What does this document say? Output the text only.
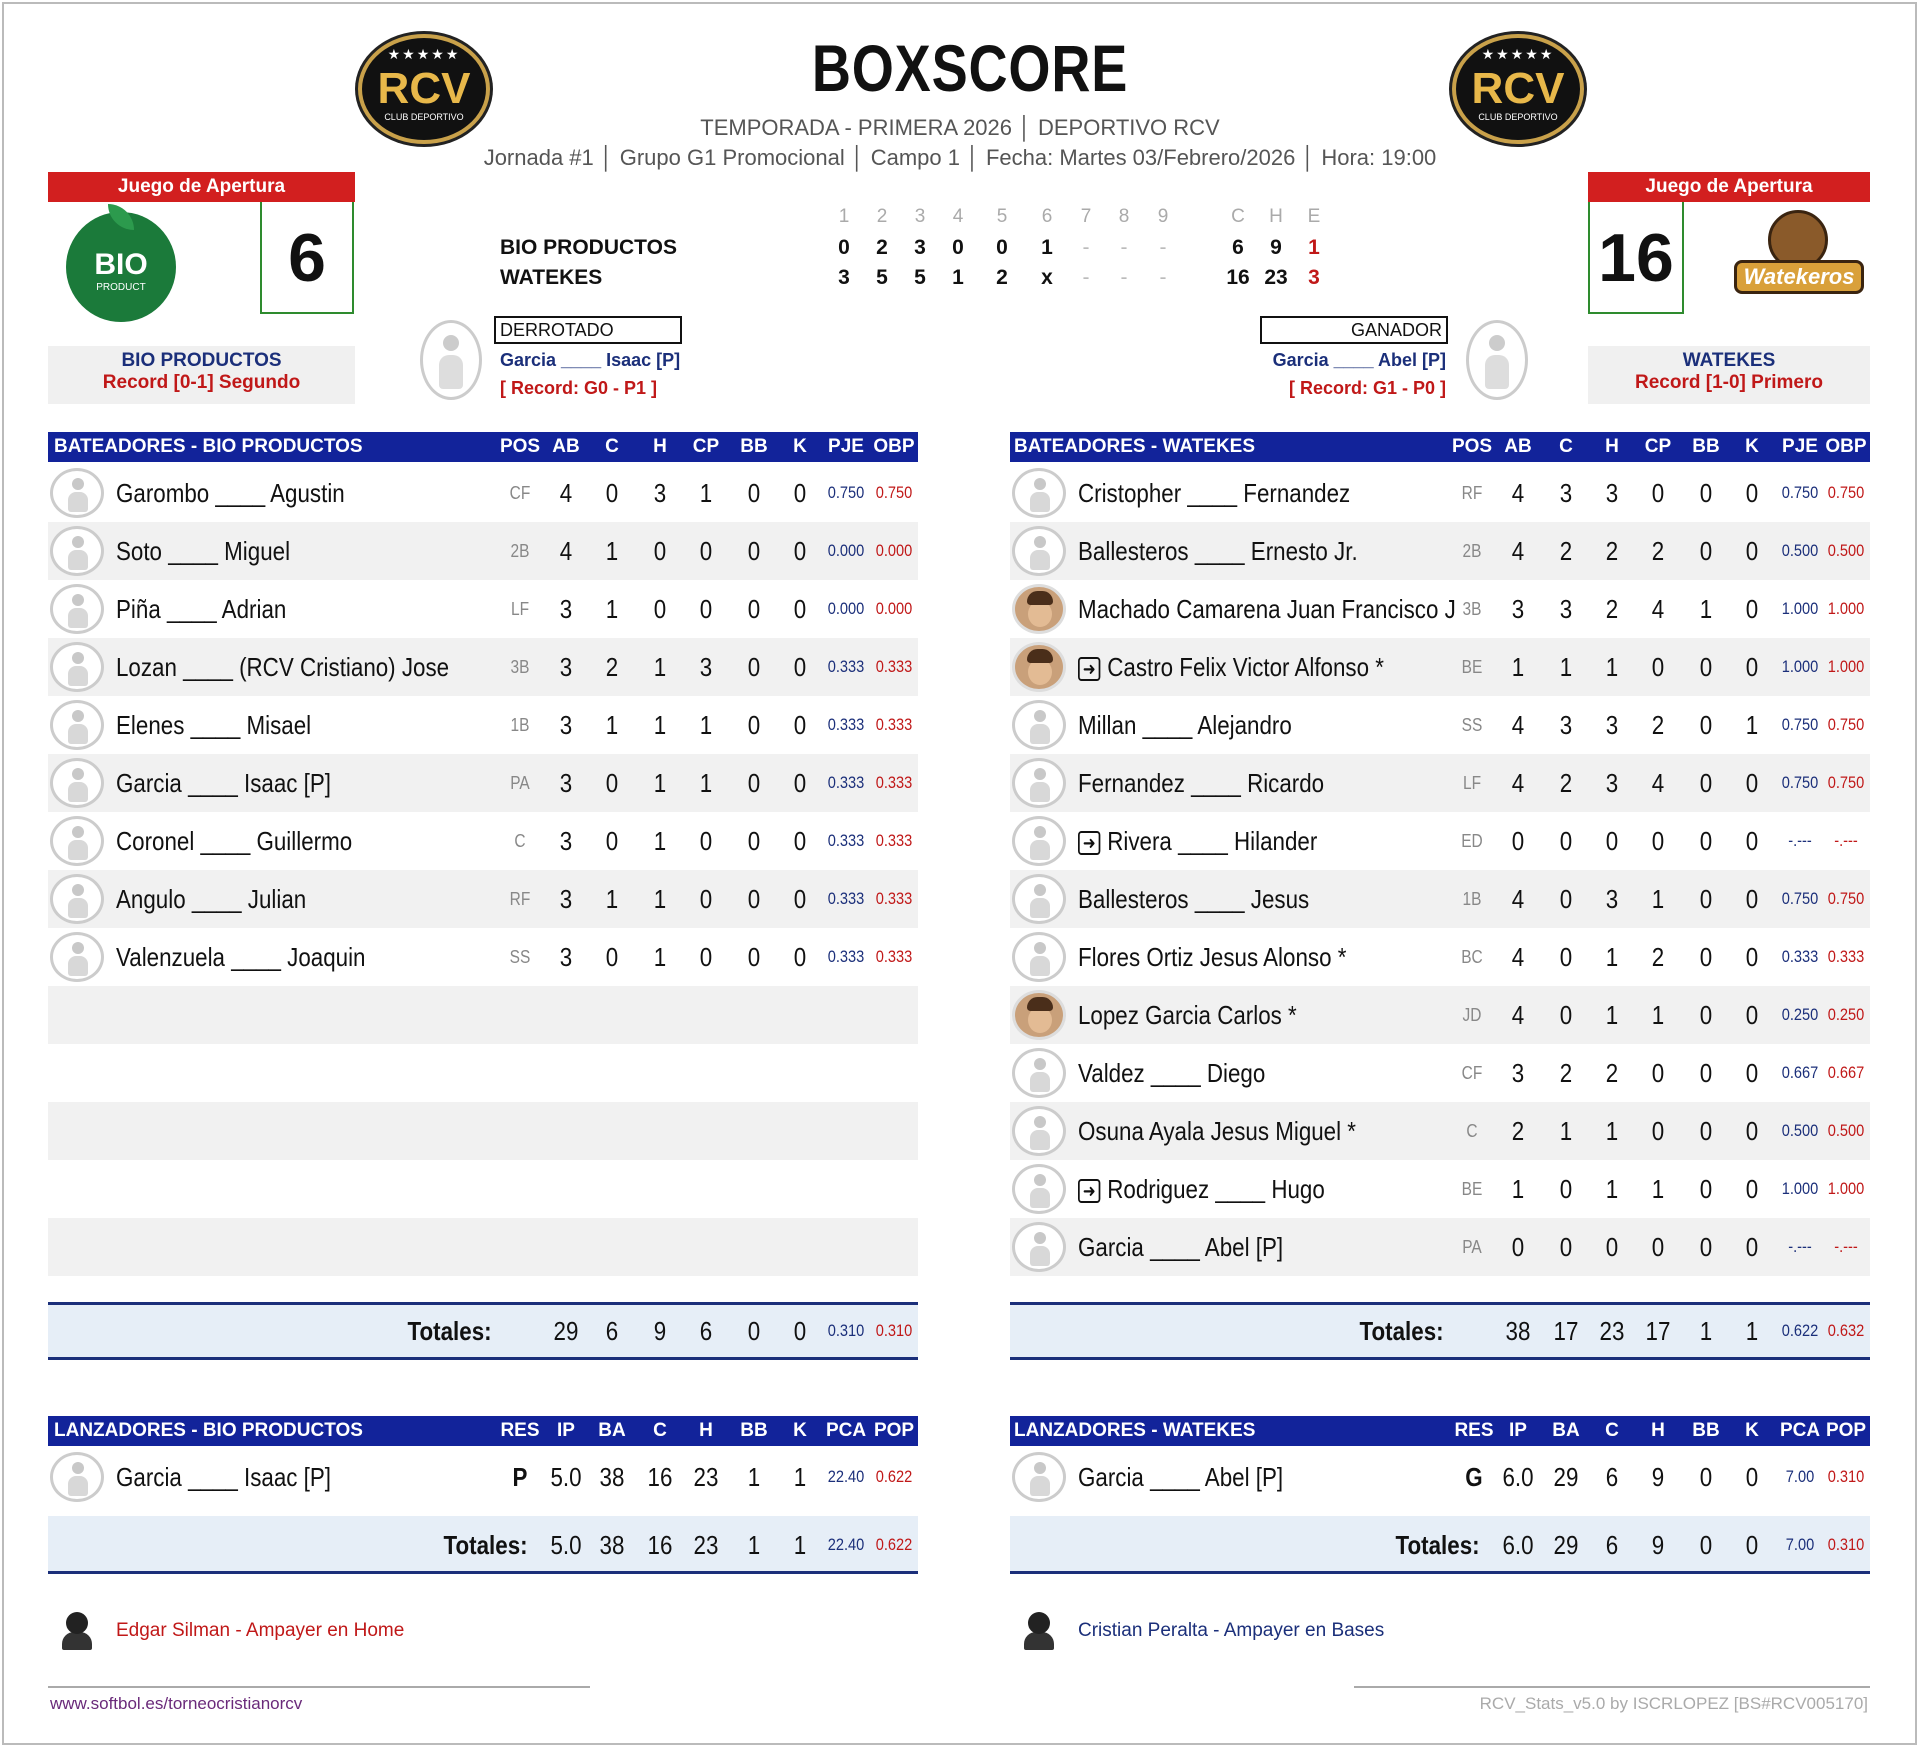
★★★★★
RCV
CLUB DEPORTIVO
★★★★★
RCV
CLUB DEPORTIVO
BOXSCORE
TEMPORADA - PRIMERA 2026 │ DEPORTIVO RCV
Jornada #1 │ Grupo G1 Promocional │ Campo 1 │ Fecha: Martes 03/Febrero/2026 │ Hora: 19:00
Juego de Apertura
BIO
PRODUCT	6
BIO PRODUCTOS
Record [0-1] Segundo
Juego de Apertura
16	Watekeros
WATEKES
Record [1-0] Primero
BIO PRODUCTOS
WATEKES
1 2 3 4 5 6 7 8 9	C	H	E
0 2 3 0 0 1	-	-	-	6	9	1
3 5 5 1 2 x	-	-	-	16 23 3
DERROTADO
Garcia ____ Isaac [P]
[ Record: G0 - P1 ]
GANADOR
Garcia ____ Abel [P]
[ Record: G1 - P0 ]
BATEADORES - BIO PRODUCTOS	POS AB	C	H	CP	BB	K	PJE OBP
Garombo ____ Agustin	CF	4	0	3	1	0	0	0.750 0.750
Soto ____ Miguel	2B	4	1	0	0	0	0	0.000 0.000
Piña ____ Adrian	LF	3	1	0	0	0	0	0.000 0.000
Lozan ____ (RCV Cristiano) Jose	3B	3	2	1	3	0	0	0.333 0.333
Elenes ____ Misael	1B	3	1	1	1	0	0	0.333 0.333
Garcia ____ Isaac [P]	PA	3	0	1	1	0	0	0.333 0.333
Coronel ____ Guillermo	C	3	0	1	0	0	0	0.333 0.333
Angulo ____ Julian	RF	3	1	1	0	0	0	0.333 0.333
Valenzuela ____ Joaquin	SS	3	0	1	0	0	0	0.333 0.333
Totales:	29	6	9	6	0	0	0.310 0.310
BATEADORES - WATEKES	POS AB	C	H	CP	BB	K	PJE OBP
Cristopher ____ Fernandez	RF	4	3	3	0	0	0	0.750 0.750
Ballesteros ____ Ernesto Jr.	2B	4	2	2	2	0	0	0.500 0.500
Machado Camarena Juan Francisco J 3B	3	3	2	4	1	0	1.000 1.000
➜ Castro Felix Victor Alfonso *	BE	1	1	1	0	0	0	1.000 1.000
Millan ____ Alejandro	SS	4	3	3	2	0	1	0.750 0.750
Fernandez ____ Ricardo	LF	4	2	3	4	0	0	0.750 0.750
➜ Rivera ____ Hilander	ED	0	0	0	0	0	0	-.---	-.---
Ballesteros ____ Jesus	1B	4	0	3	1	0	0	0.750 0.750
Flores Ortiz Jesus Alonso *	BC	4	0	1	2	0	0	0.333 0.333
Lopez Garcia Carlos *	JD	4	0	1	1	0	0	0.250 0.250
Valdez ____ Diego	CF	3	2	2	0	0	0	0.667 0.667
Osuna Ayala Jesus Miguel *	C	2	1	1	0	0	0	0.500 0.500
➜ Rodriguez ____ Hugo	BE	1	0	1	1	0	0	1.000 1.000
Garcia ____ Abel [P]	PA	0	0	0	0	0	0	-.---	-.---
Totales:	38 17 23 17	1	1	0.622 0.632
LANZADORES - BIO PRODUCTOS	RES IP	BA	C	H	BB	K	PCA POP
Garcia ____ Isaac [P]	P 5.0 38 16 23	1	1	22.40 0.622
Totales: 5.0 38 16 23	1	1	22.40 0.622
LANZADORES - WATEKES	RES IP	BA	C	H	BB	K	PCA POP
Garcia ____ Abel [P]	G 6.0 29	6	9	0	0	7.00 0.310
Totales: 6.0 29	6	9	0	0	7.00 0.310
Edgar Silman - Ampayer en Home	Cristian Peralta - Ampayer en Bases
www.softbol.es/torneocristianorcv	RCV_Stats_v5.0 by ISCRLOPEZ [BS#RCV005170]
